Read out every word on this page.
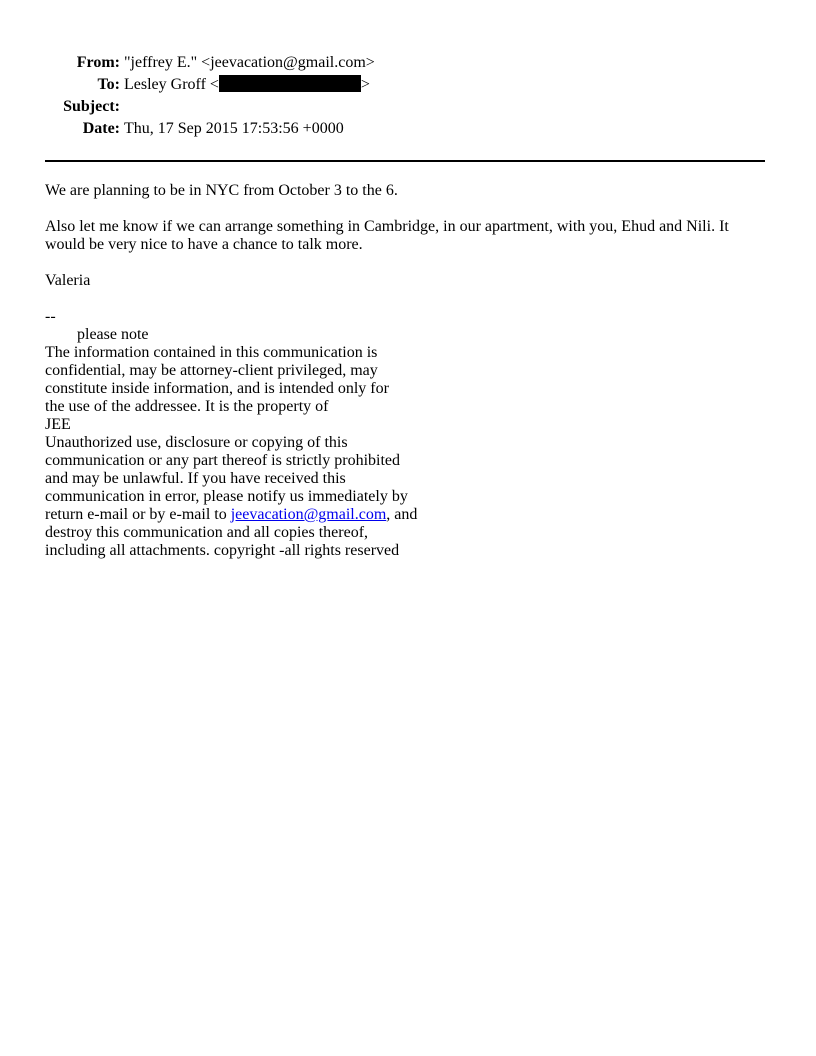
From: "jeffrey E." <jeevacation@gmail.com>
To: Lesley Groff <	>
Subject:
Date: Thu, 17 Sep 2015 17:53:56 +0000

We are planning to be in NYC from October 3 to the 6.

Also let me know if we can arrange something in Cambridge, in our apartment, with you, Ehud and Nili. It would be very nice to have a chance to talk more.

Valeria

--
please note
The information contained in this communication is
confidential, may be attorney-client privileged, may
constitute inside information, and is intended only for
the use of the addressee. It is the property of
JEE
Unauthorized use, disclosure or copying of this
communication or any part thereof is strictly prohibited
and may be unlawful. If you have received this
communication in error, please notify us immediately by
return e-mail or by e-mail to jeevacation@gmail.com, and
destroy this communication and all copies thereof,
including all attachments. copyright -all rights reserved
